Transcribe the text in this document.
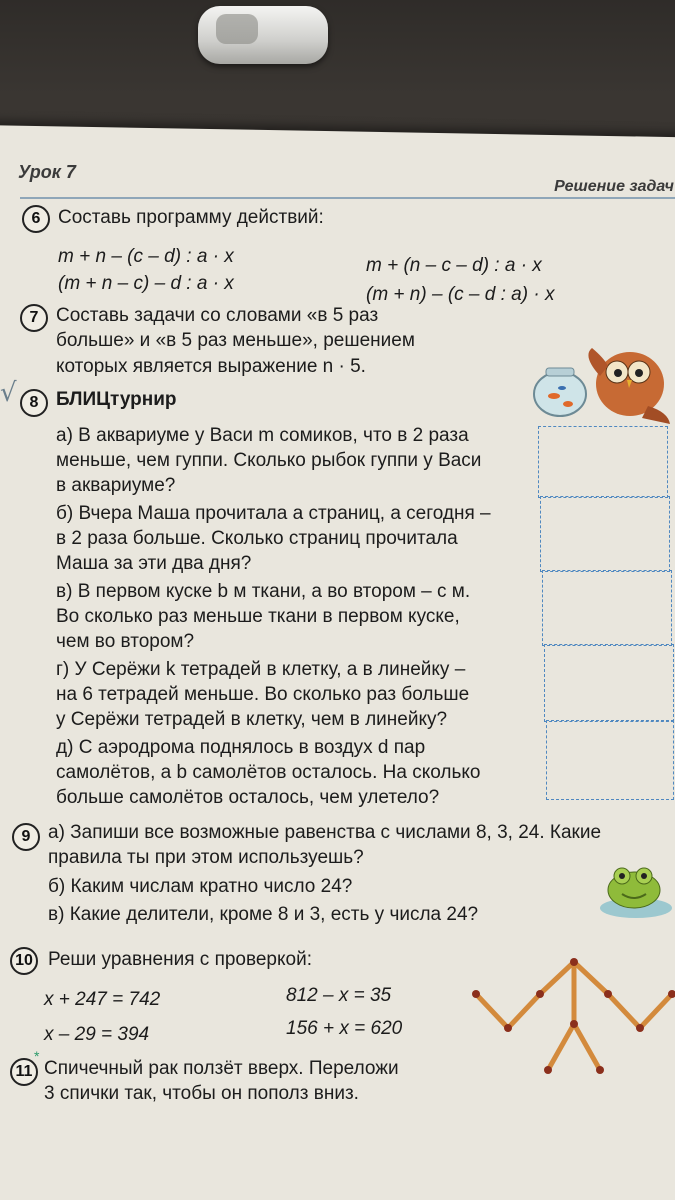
Урок 7
Решение задач
6 Составь программу действий:
m + n – (c – d) : a · x
(m + n – c) – d : a · x
m + (n – c – d) : a · x
(m + n) – (c – d : a) · x
7 Составь задачи со словами «в 5 раз
больше» и «в 5 раз меньше», решением
которых является выражение n · 5.
√ 8 БЛИЦтурнир
а) В аквариуме у Васи m сомиков, что в 2 раза
меньше, чем гуппи. Сколько рыбок гуппи у Васи
в аквариуме?
б) Вчера Маша прочитала a страниц, а сегодня –
в 2 раза больше. Сколько страниц прочитала
Маша за эти два дня?
в) В первом куске b м ткани, а во втором – c м.
Во сколько раз меньше ткани в первом куске,
чем во втором?
г) У Серёжи k тетрадей в клетку, а в линейку –
на 6 тетрадей меньше. Во сколько раз больше
у Серёжи тетрадей в клетку, чем в линейку?
д) С аэродрома поднялось в воздух d пар
самолётов, а b самолётов осталось. На сколько
больше самолётов осталось, чем улетело?
9 а) Запиши все возможные равенства с числами 8, 3, 24. Какие
правила ты при этом используешь?
б) Каким числам кратно число 24?
в) Какие делители, кроме 8 и 3, есть у числа 24?
10 Реши уравнения с проверкой:
x + 247 = 742
x – 29 = 394
812 – x = 35
156 + x = 620
11
*
Спичечный рак ползёт вверх. Переложи
3 спички так, чтобы он пополз вниз.
